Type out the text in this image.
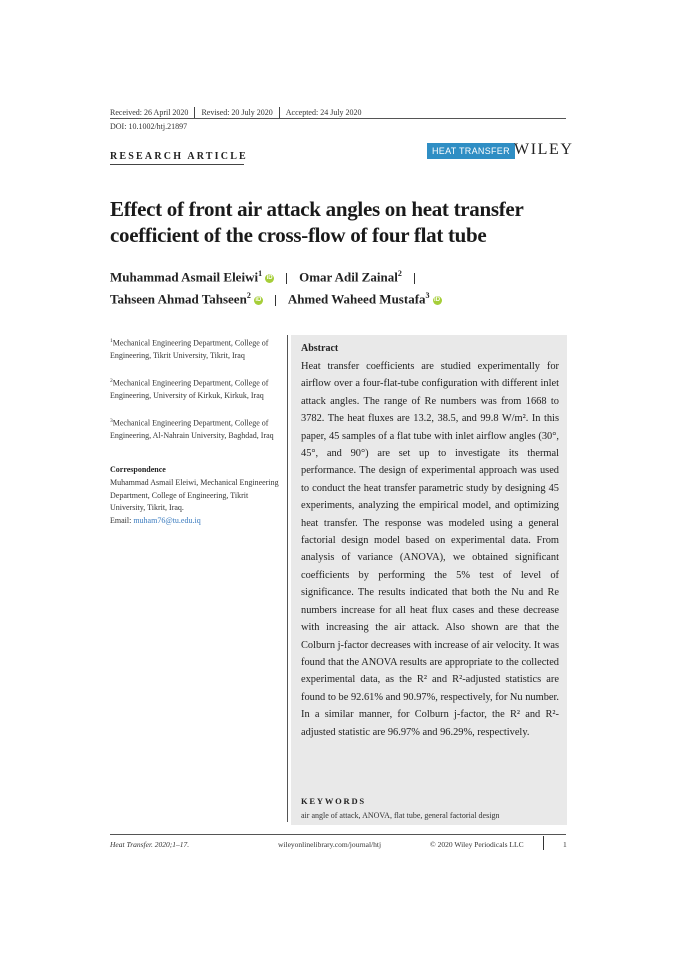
Received: 26 April 2020 Revised: 20 July 2020 Accepted: 24 July 2020
DOI: 10.1002/htj.21897
RESEARCH ARTICLE	HEAT TRANSFER WILEY
Effect of front air attack angles on heat transfer
coefficient of the cross-flow of four flat tube
Muhammad Asmail Eleiwi$^1$ iD Omar Adil Zainal$^2$
Tahseen Ahmad Tahseen$^2$ iD Ahmed Waheed Mustafa$^3$ iD
$^1$Mechanical Engineering Department, College of Engineering, Tikrit University, Tikrit, Iraq
$^2$Mechanical Engineering Department, College of Engineering, University of Kirkuk, Kirkuk, Iraq
$^3$Mechanical Engineering Department, College of Engineering, Al-Nahrain University, Baghdad, Iraq
Correspondence
Muhammad Asmail Eleiwi, Mechanical Engineering Department, College of Engineering, Tikrit University, Tikrit, Iraq.
Email: muham76@tu.edu.iq
Abstract
Heat transfer coefficients are studied experimentally for airflow over a four-flat-tube configuration with different inlet attack angles. The range of Re numbers was from 1668 to 3782. The heat fluxes are 13.2, 38.5, and 99.8 W/m². In this paper, 45 samples of a flat tube with inlet airflow angles (30°, 45°, and 90°) are set up to investigate its thermal performance. The design of experimental approach was used to conduct the heat transfer parametric study by designing 45 experiments, analyzing the empirical model, and optimizing heat transfer. The response was modeled using a general factorial design model based on experimental data. From analysis of variance (ANOVA), we obtained significant coefficients by performing the 5% test of level of significance. The results indicated that both the Nu and Re numbers increase for all heat flux cases and these decrease with increasing the air attack. Also shown are that the Colburn j-factor decreases with increase of air velocity. It was found that the ANOVA results are appropriate to the collected experimental data, as the R² and R²-adjusted statistics are found to be 92.61% and 90.97%, respectively, for Nu number. In a similar manner, for Colburn j-factor, the R² and R²-adjusted statistic are 96.97% and 96.29%, respectively.
KEYWORDS
air angle of attack, ANOVA, flat tube, general factorial design
Heat Transfer. 2020;1–17.	wileyonlinelibrary.com/journal/htj	© 2020 Wiley Periodicals LLC	1
